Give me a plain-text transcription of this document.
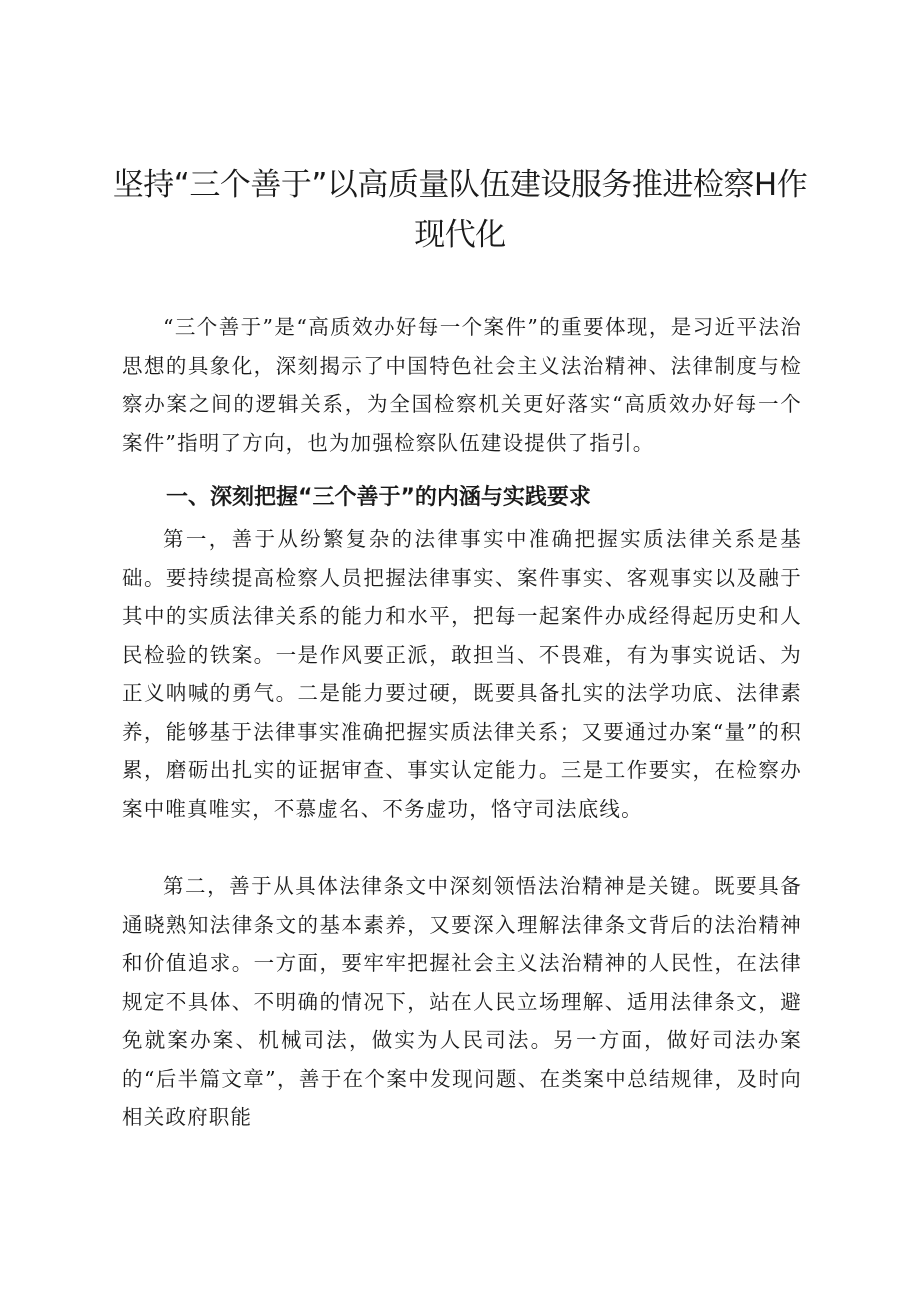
坚持“三个善于”以高质量队伍建设服务推进检察H作现代化

“三个善于”是“高质效办好每一个案件”的重要体现，是习近平法治思想的具象化，深刻揭示了中国特色社会主义法治精神、法律制度与检察办案之间的逻辑关系，为全国检察机关更好落实“高质效办好每一个案件”指明了方向，也为加强检察队伍建设提供了指引。

一、深刻把握“三个善于”的内涵与实践要求

第一，善于从纷繁复杂的法律事实中准确把握实质法律关系是基础。要持续提高检察人员把握法律事实、案件事实、客观事实以及融于其中的实质法律关系的能力和水平，把每一起案件办成经得起历史和人民检验的铁案。一是作风要正派，敢担当、不畏难，有为事实说话、为正义呐喊的勇气。二是能力要过硬，既要具备扎实的法学功底、法律素养，能够基于法律事实准确把握实质法律关系；又要通过办案“量”的积累，磨砺出扎实的证据审查、事实认定能力。三是工作要实，在检察办案中唯真唯实，不慕虚名、不务虚功，恪守司法底线。

第二，善于从具体法律条文中深刻领悟法治精神是关键。既要具备通晓熟知法律条文的基本素养，又要深入理解法律条文背后的法治精神和价值追求。一方面，要牢牢把握社会主义法治精神的人民性，在法律规定不具体、不明确的情况下，站在人民立场理解、适用法律条文，避免就案办案、机械司法，做实为人民司法。另一方面，做好司法办案的“后半篇文章”，善于在个案中发现问题、在类案中总结规律，及时向相关政府职能
